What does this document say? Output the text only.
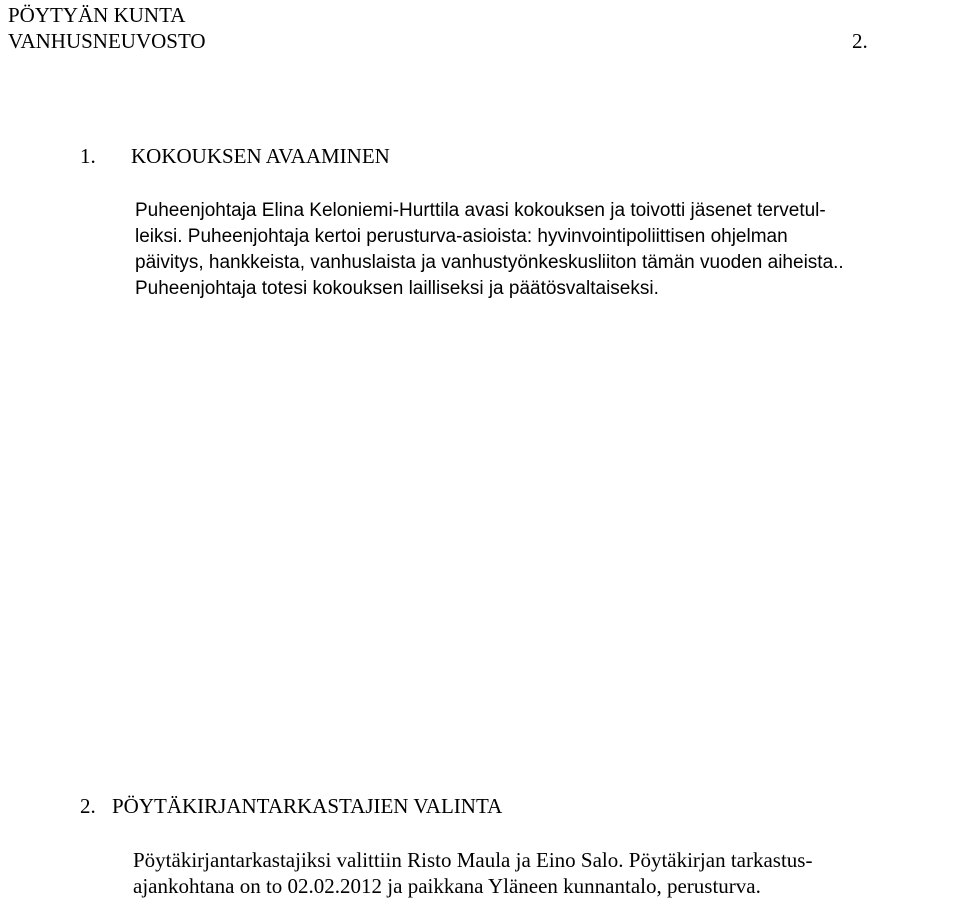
PÖYTYÄN KUNTA
VANHUSNEUVOSTO	2.
1. KOKOUKSEN AVAAMINEN
Puheenjohtaja Elina Keloniemi-Hurttila avasi kokouksen ja toivotti jäsenet tervetul-
leiksi. Puheenjohtaja kertoi perusturva-asioista: hyvinvointipoliittisen ohjelman
päivitys, hankkeista, vanhuslaista ja vanhustyönkeskusliiton tämän vuoden aiheista..
Puheenjohtaja totesi kokouksen lailliseksi ja päätösvaltaiseksi.
2. PÖYTÄKIRJANTARKASTAJIEN VALINTA
Pöytäkirjantarkastajiksi valittiin Risto Maula ja Eino Salo. Pöytäkirjan tarkastus-
ajankohtana on to 02.02.2012 ja paikkana Yläneen kunnantalo, perusturva.
